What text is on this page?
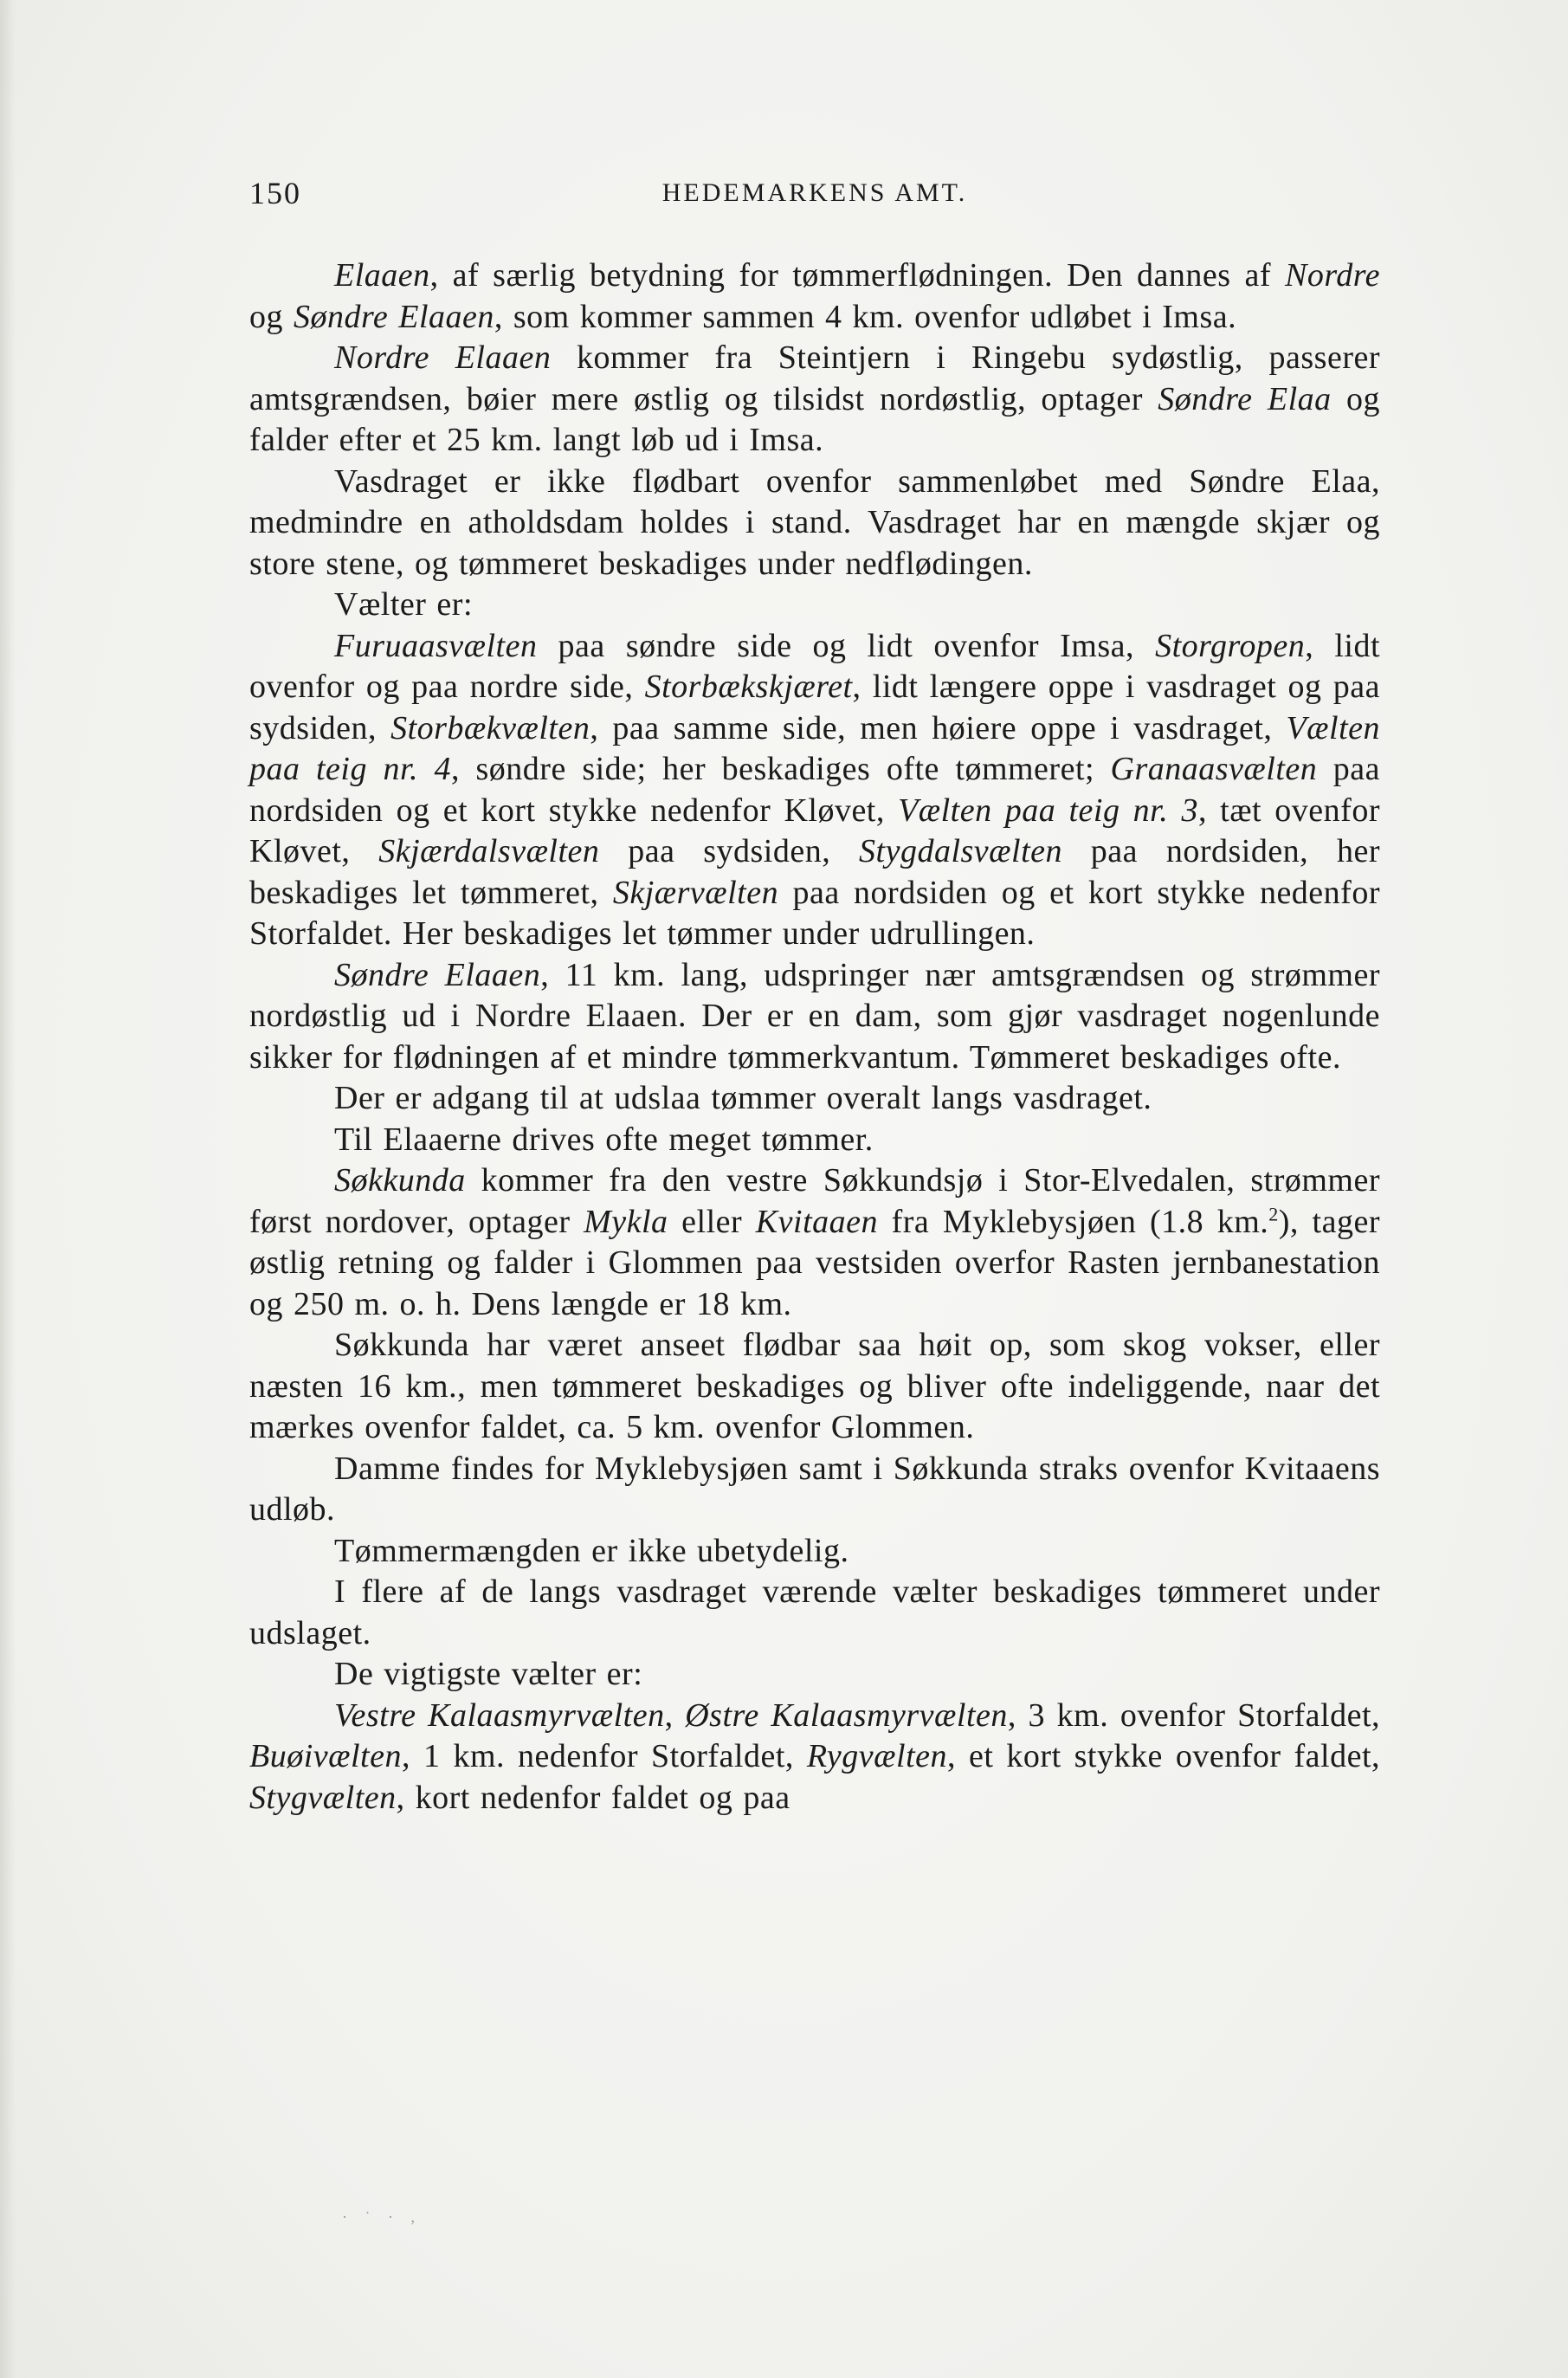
150	HEDEMARKENS AMT.

Elaaen, af særlig betydning for tømmerflødningen. Den dannes af Nordre og Søndre Elaaen, som kommer sammen 4 km. ovenfor udløbet i Imsa.

Nordre Elaaen kommer fra Steintjern i Ringebu sydøstlig, passerer amtsgrændsen, bøier mere østlig og tilsidst nordøstlig, optager Søndre Elaa og falder efter et 25 km. langt løb ud i Imsa.

Vasdraget er ikke flødbart ovenfor sammenløbet med Søndre Elaa, medmindre en atholdsdam holdes i stand. Vasdraget har en mængde skjær og store stene, og tømmeret beskadiges under nedflødingen.

Vælter er:

Furuaasvælten paa søndre side og lidt ovenfor Imsa, Storgropen, lidt ovenfor og paa nordre side, Storbækskjæret, lidt længere oppe i vasdraget og paa sydsiden, Storbækvælten, paa samme side, men høiere oppe i vasdraget, Vælten paa teig nr. 4, søndre side; her beskadiges ofte tømmeret; Granaasvælten paa nordsiden og et kort stykke nedenfor Kløvet, Vælten paa teig nr. 3, tæt ovenfor Kløvet, Skjærdalsvælten paa sydsiden, Stygdalsvælten paa nordsiden, her beskadiges let tømmeret, Skjærvælten paa nordsiden og et kort stykke nedenfor Storfaldet. Her beskadiges let tømmer under udrullingen.

Søndre Elaaen, 11 km. lang, udspringer nær amtsgrændsen og strømmer nordøstlig ud i Nordre Elaaen. Der er en dam, som gjør vasdraget nogenlunde sikker for flødningen af et mindre tømmerkvantum. Tømmeret beskadiges ofte.

Der er adgang til at udslaa tømmer overalt langs vasdraget.

Til Elaaerne drives ofte meget tømmer.

Søkkunda kommer fra den vestre Søkkundsjø i Stor-Elvedalen, strømmer først nordover, optager Mykla eller Kvitaaen fra Myklebysjøen (1.8 km.$^2$), tager østlig retning og falder i Glommen paa vestsiden overfor Rasten jernbanestation og 250 m. o. h. Dens længde er 18 km.

Søkkunda har været anseet flødbar saa høit op, som skog vokser, eller næsten 16 km., men tømmeret beskadiges og bliver ofte indeliggende, naar det mærkes ovenfor faldet, ca. 5 km. ovenfor Glommen.

Damme findes for Myklebysjøen samt i Søkkunda straks ovenfor Kvitaaens udløb.

Tømmermængden er ikke ubetydelig.

I flere af de langs vasdraget værende vælter beskadiges tømmeret under udslaget.

De vigtigste vælter er:

Vestre Kalaasmyrvælten, Østre Kalaasmyrvælten, 3 km. ovenfor Storfaldet, Buøivælten, 1 km. nedenfor Storfaldet, Rygvælten, et kort stykke ovenfor faldet, Stygvælten, kort nedenfor faldet og paa

· ˙ · ,
